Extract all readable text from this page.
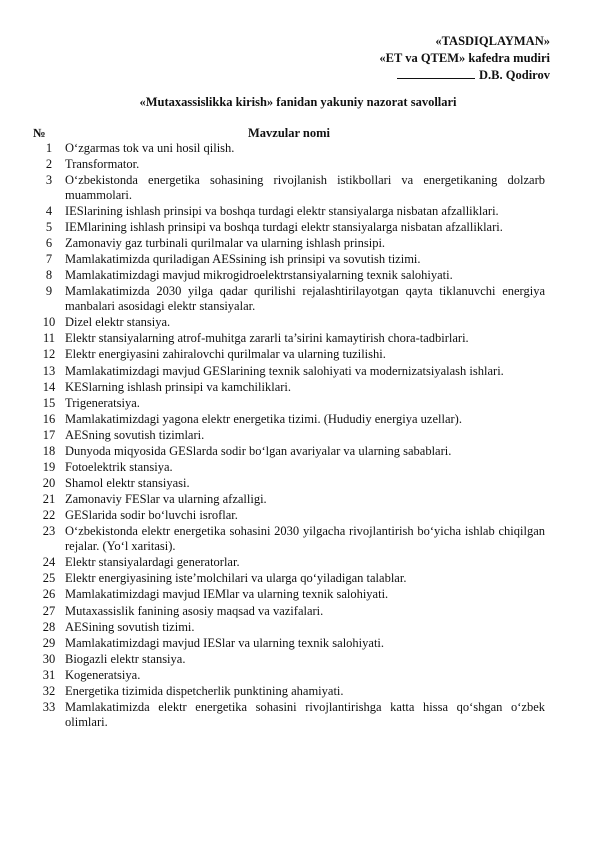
«TASDIQLAYMAN»
«ET va QTEM» kafedra mudiri
D.B. Qodirov
«Mutaxassislikka kirish» fanidan yakuniy nazorat savollari
№	Mavzular nomi
1	O‘zgarmas tok va uni hosil qilish.
2	Transformator.
3	O‘zbekistonda energetika sohasining rivojlanish istikbollari va energetikaning dolzarb muammolari.
4	IESlarining ishlash prinsipi va boshqa turdagi elektr stansiyalarga nisbatan afzalliklari.
5	IEMlarining ishlash prinsipi va boshqa turdagi elektr stansiyalarga nisbatan afzalliklari.
6	Zamonaviy gaz turbinali qurilmalar va ularning ishlash prinsipi.
7	Mamlakatimizda quriladigan AESsining ish prinsipi va sovutish tizimi.
8	Mamlakatimizdagi mavjud mikrogidroelektrstansiyalarning texnik salohiyati.
9	Mamlakatimizda 2030 yilga qadar qurilishi rejalashtirilayotgan qayta tiklanuvchi energiya manbalari asosidagi elektr stansiyalar.
10 Dizel elektr stansiya.
11 Elektr stansiyalarning atrof-muhitga zararli ta’sirini kamaytirish chora-tadbirlari.
12 Elektr energiyasini zahiralovchi qurilmalar va ularning tuzilishi.
13 Mamlakatimizdagi mavjud GESlarining texnik salohiyati va modernizatsiyalash ishlari.
14 KESlarning ishlash prinsipi va kamchiliklari.
15 Trigeneratsiya.
16 Mamlakatimizdagi yagona elektr energetika tizimi. (Hududiy energiya uzellar).
17 AESning sovutish tizimlari.
18 Dunyoda miqyosida GESlarda sodir bo‘lgan avariyalar va ularning sabablari.
19 Fotoelektrik stansiya.
20 Shamol elektr stansiyasi.
21 Zamonaviy FESlar va ularning afzalligi.
22 GESlarida sodir bo‘luvchi isroflar.
23 O‘zbekistonda elektr energetika sohasini 2030 yilgacha rivojlantirish bo‘yicha ishlab chiqilgan rejalar. (Yo‘l xaritasi).
24 Elektr stansiyalardagi generatorlar.
25 Elektr energiyasining iste’molchilari va ularga qo‘yiladigan talablar.
26 Mamlakatimizdagi mavjud IEMlar va ularning texnik salohiyati.
27 Mutaxassislik fanining asosiy maqsad va vazifalari.
28 AESining sovutish tizimi.
29 Mamlakatimizdagi mavjud IESlar va ularning texnik salohiyati.
30 Biogazli elektr stansiya.
31 Kogeneratsiya.
32 Energetika tizimida dispetcherlik punktining ahamiyati.
33 Mamlakatimizda elektr energetika sohasini rivojlantirishga katta hissa qo‘shgan o‘zbek olimlari.
